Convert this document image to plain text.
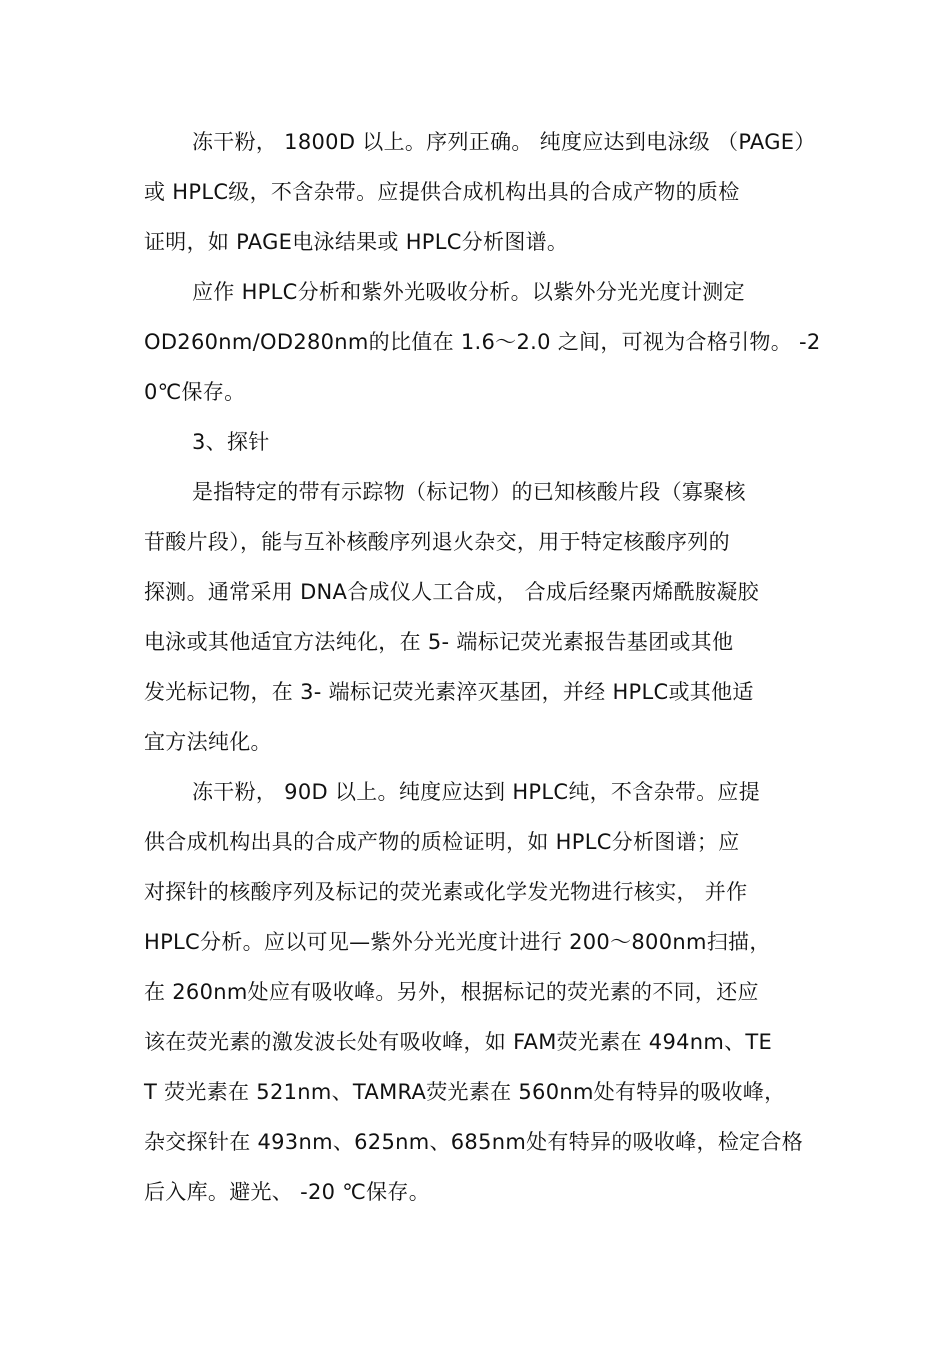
冻干粉， 1800D 以上。序列正确。 纯度应达到电泳级 （PAGE）
或 HPLC级，不含杂带。应提供合成机构出具的合成产物的质检
证明，如 PAGE电泳结果或 HPLC分析图谱。
应作 HPLC分析和紫外光吸收分析。以紫外分光光度计测定
OD260nm/OD280nm的比值在 1.6～2.0 之间，可视为合格引物。 -2
0℃保存。
3、探针
是指特定的带有示踪物（标记物）的已知核酸片段（寡聚核
苷酸片段），能与互补核酸序列退火杂交，用于特定核酸序列的
探测。通常采用 DNA合成仪人工合成， 合成后经聚丙烯酰胺凝胶
电泳或其他适宜方法纯化，在 5- 端标记荧光素报告基团或其他
发光标记物，在 3- 端标记荧光素淬灭基团，并经 HPLC或其他适
宜方法纯化。
冻干粉， 90D 以上。纯度应达到 HPLC纯，不含杂带。应提
供合成机构出具的合成产物的质检证明，如 HPLC分析图谱；应
对探针的核酸序列及标记的荧光素或化学发光物进行核实， 并作
HPLC分析。应以可见—紫外分光光度计进行 200～800nm扫描，
在 260nm处应有吸收峰。另外，根据标记的荧光素的不同，还应
该在荧光素的激发波长处有吸收峰，如 FAM荧光素在 494nm、TE
T 荧光素在 521nm、TAMRA荧光素在 560nm处有特异的吸收峰，
杂交探针在 493nm、625nm、685nm处有特异的吸收峰，检定合格
后入库。避光、 -20 ℃保存。
